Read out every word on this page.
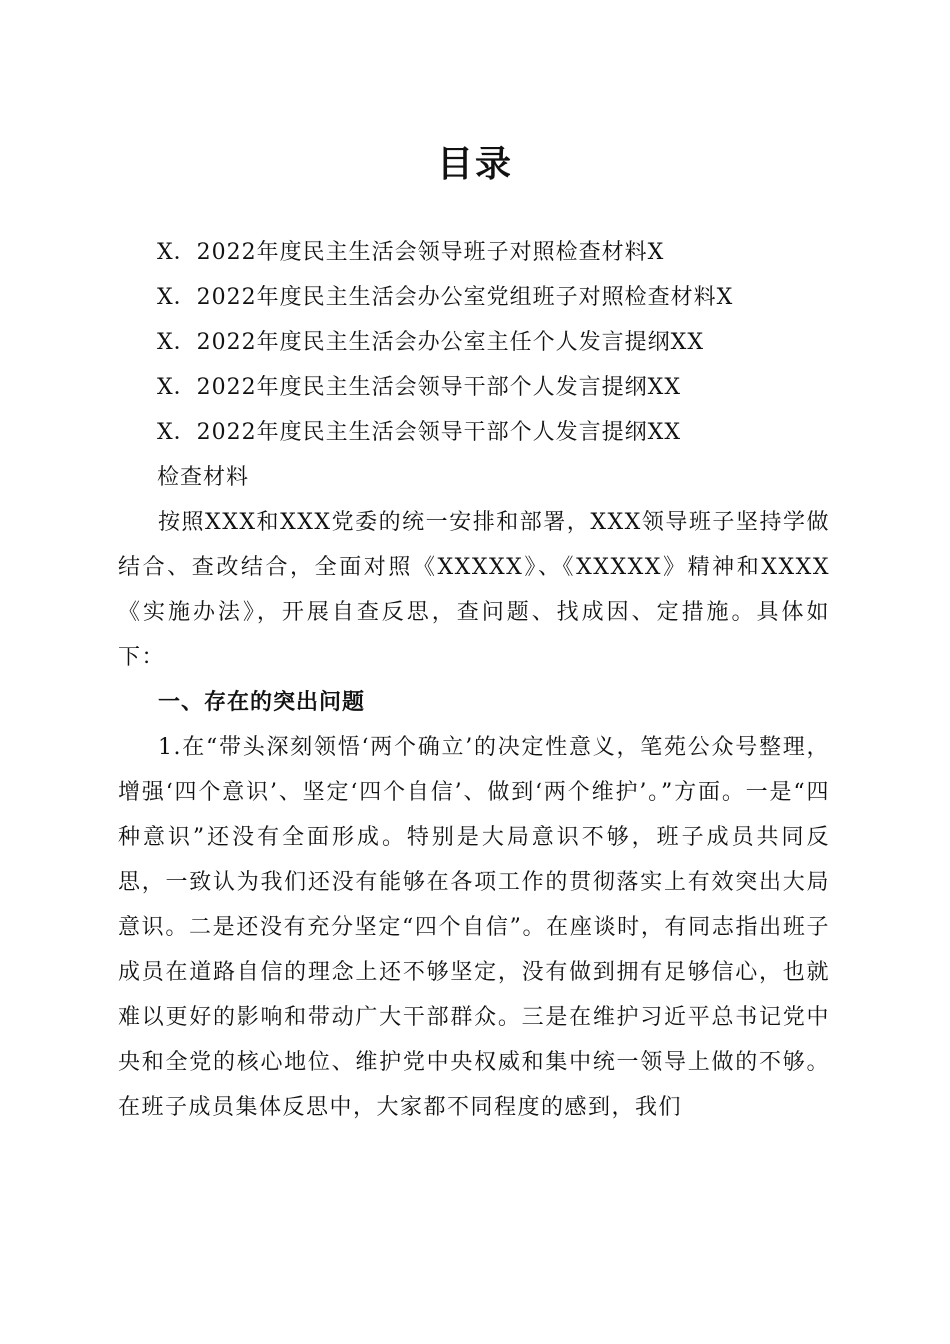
目录
X．2022年度民主生活会领导班子对照检查材料X
X．2022年度民主生活会办公室党组班子对照检查材料X
X．2022年度民主生活会办公室主任个人发言提纲XX
X．2022年度民主生活会领导干部个人发言提纲XX
X．2022年度民主生活会领导干部个人发言提纲XX
检查材料

按照XXX和XXX党委的统一安排和部署，XXX领导班子坚持学做结合、查改结合，全面对照《XXXXX》、《XXXXX》精神和XXXX《实施办法》，开展自查反思，查问题、找成因、定措施。具体如下：

一、存在的突出问题

1.在“带头深刻领悟‘两个确立’的决定性意义，笔苑公众号整理，增强‘四个意识’、坚定‘四个自信’、做到‘两个维护’。”方面。一是“四种意识”还没有全面形成。特别是大局意识不够，班子成员共同反思，一致认为我们还没有能够在各项工作的贯彻落实上有效突出大局意识。二是还没有充分坚定“四个自信”。在座谈时，有同志指出班子成员在道路自信的理念上还不够坚定，没有做到拥有足够信心，也就难以更好的影响和带动广大干部群众。三是在维护习近平总书记党中央和全党的核心地位、维护党中央权威和集中统一领导上做的不够。在班子成员集体反思中，大家都不同程度的感到，我们
